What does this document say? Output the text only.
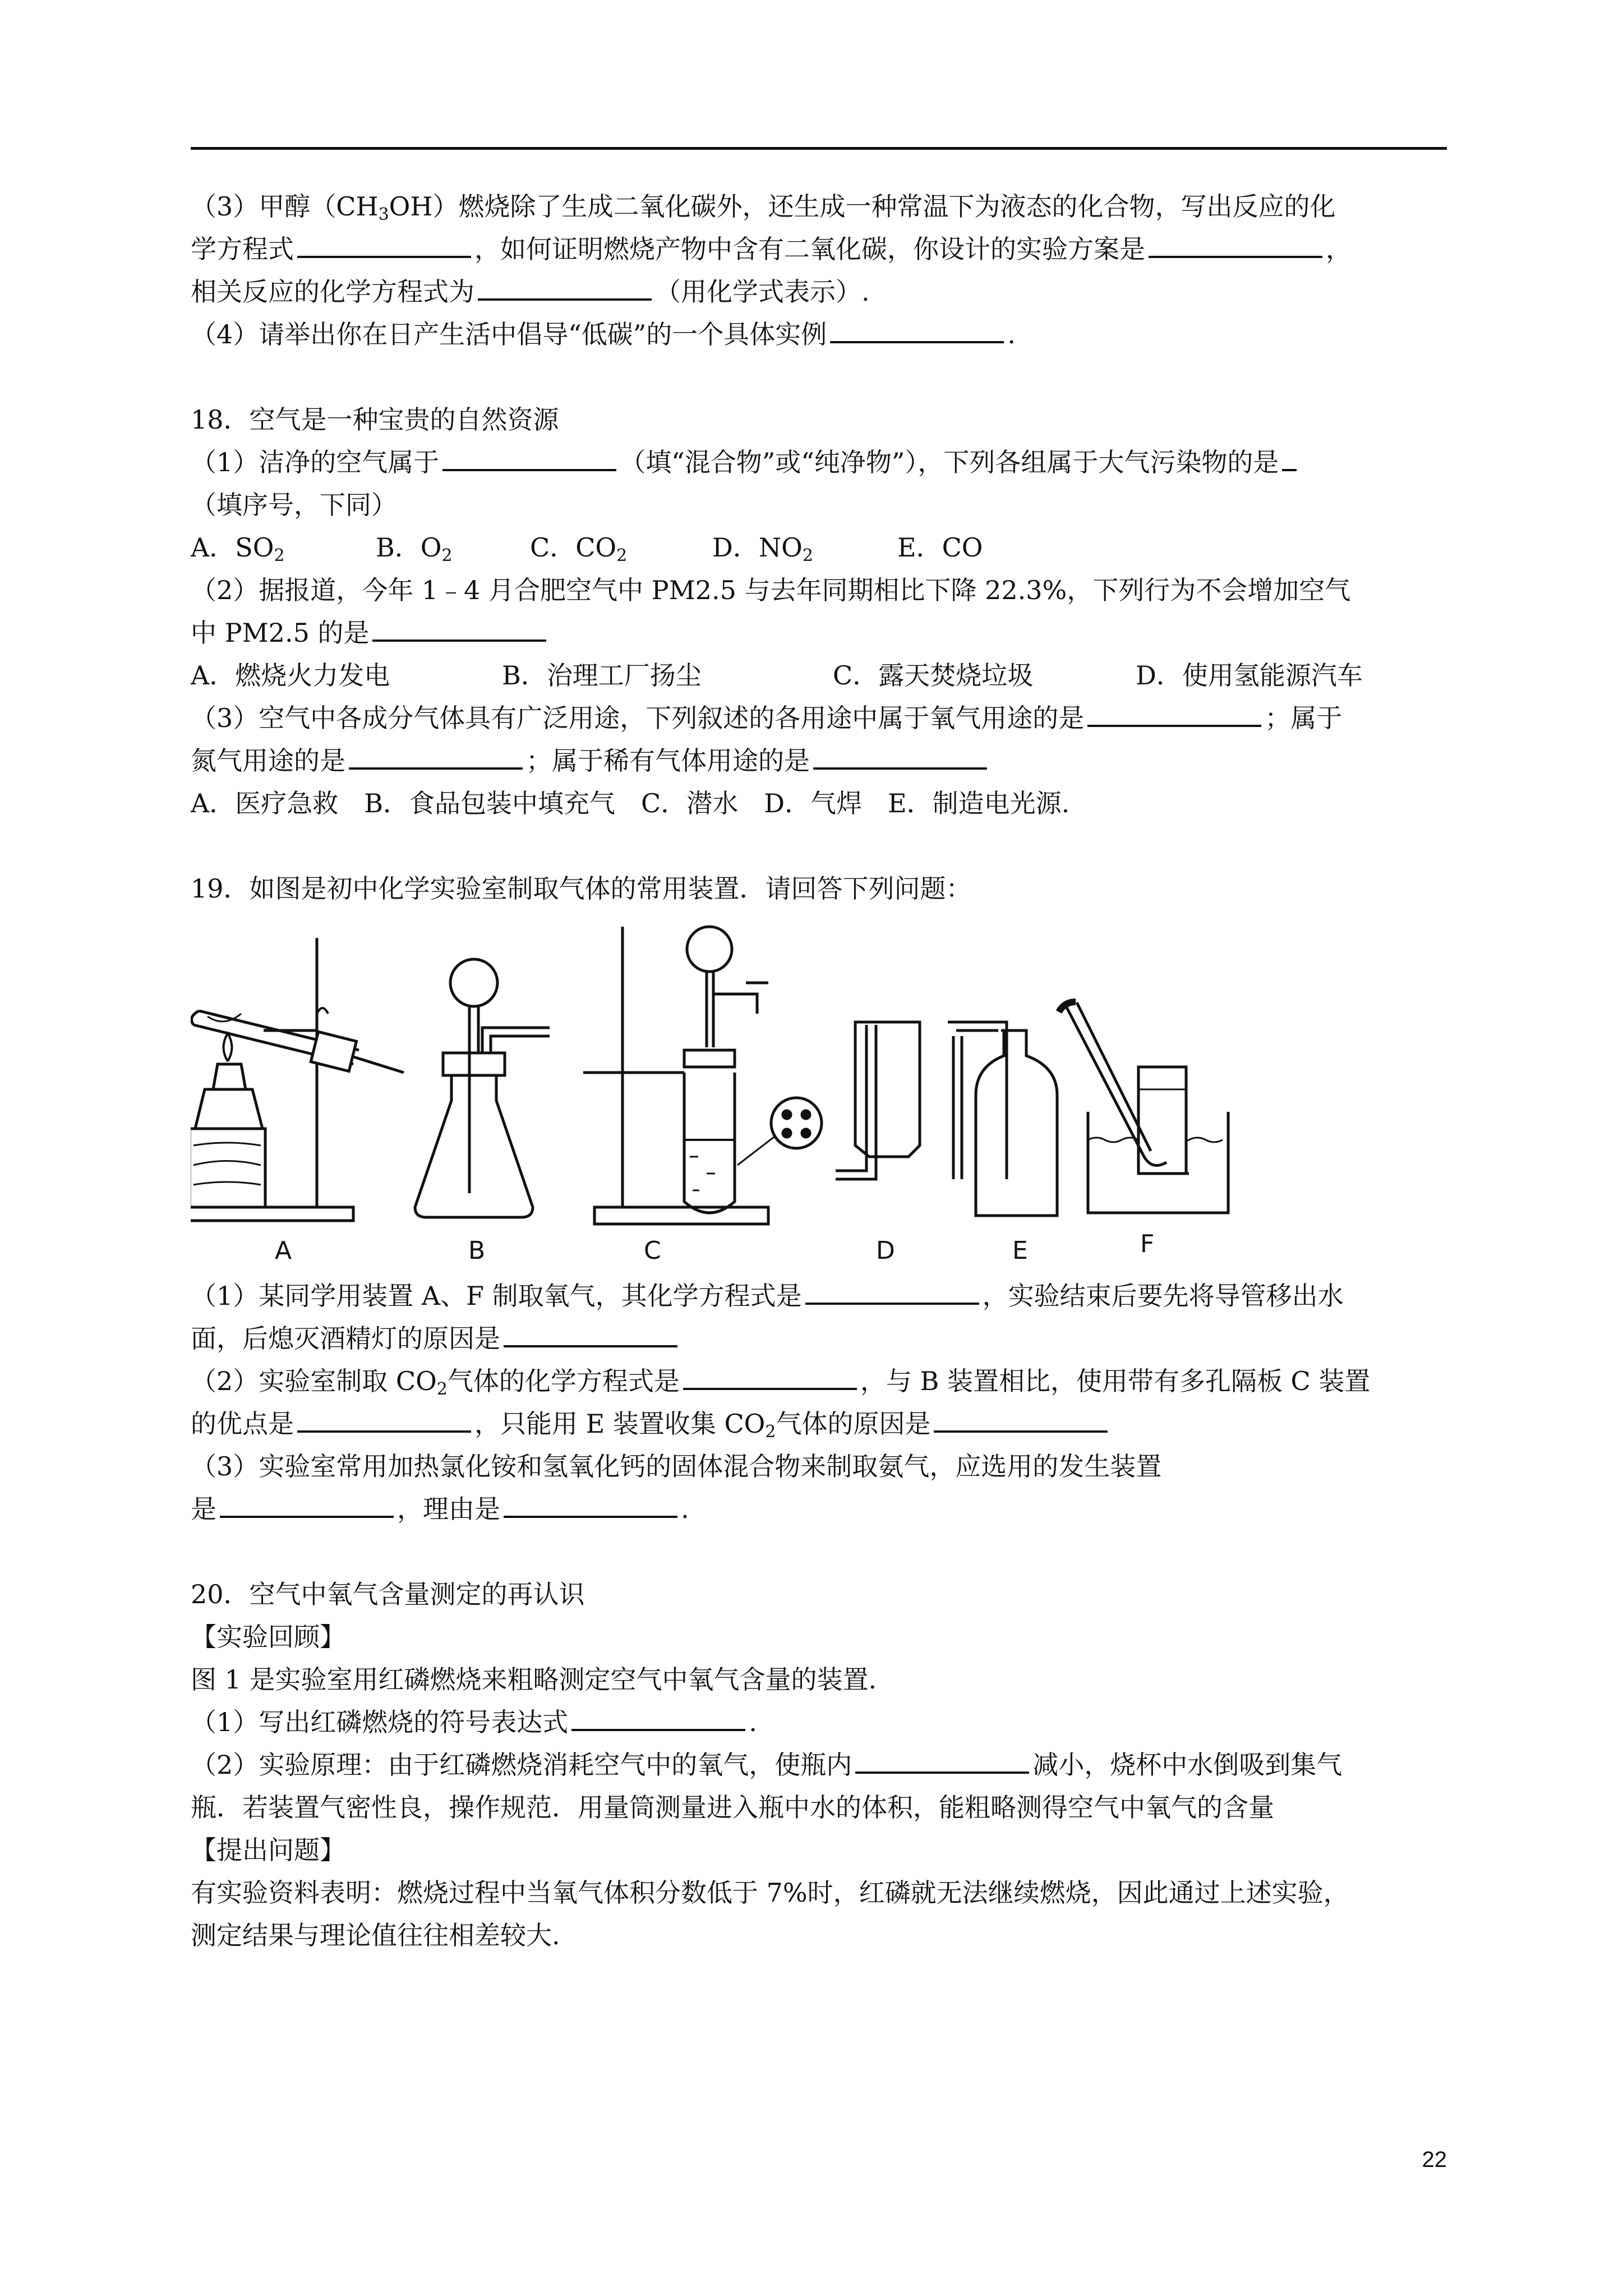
（3）甲醇$(CH_3OH)$燃烧除了生成二氧化碳外，还生成一种常温下为液态的化合物，写出反应的化
学方程式	，如何证明燃烧产物中含有二氧化碳，你设计的实验方案是	，
相关反应的化学方程式为	（用化学式表示）.
（4）请举出你在日产生活中倡导“低碳”的一个具体实例	.
18．空气是一种宝贵的自然资源
（1）洁净的空气属于	（填“混合物”或“纯净物”），下列各组属于大气污染物的是
（填序号，下同）
A．$SO_2$	B．$O_2$	C．$CO_2$	D．$NO_2$	E．CO
（2）据报道，今年 1﹣4 月合肥空气中 PM2.5 与去年同期相比下降 22.3%，下列行为不会增加空气
中 PM2.5 的是
A．燃烧火力发电	B．治理工厂扬尘	C．露天焚烧垃圾	D．使用氢能源汽车
（3）空气中各成分气体具有广泛用途，下列叙述的各用途中属于氧气用途的是	；属于
氮气用途的是	；属于稀有气体用途的是
A．医疗急救　B．食品包装中填充气　C．潜水　D．气焊　E．制造电光源.
19．如图是初中化学实验室制取气体的常用装置．请回答下列问题：
A	B	C	D	E	F
（1）某同学用装置 A、F 制取氧气，其化学方程式是	，实验结束后要先将导管移出水
面，后熄灭酒精灯的原因是
（2）实验室制取 $CO_2$气体的化学方程式是	，与 B 装置相比，使用带有多孔隔板 C 装置
的优点是	，只能用 E 装置收集 $CO_2$气体的原因是
（3）实验室常用加热氯化铵和氢氧化钙的固体混合物来制取氨气，应选用的发生装置
是	，理由是	.
20．空气中氧气含量测定的再认识
【实验回顾】
图 1 是实验室用红磷燃烧来粗略测定空气中氧气含量的装置.
（1）写出红磷燃烧的符号表达式	.
（2）实验原理：由于红磷燃烧消耗空气中的氧气，使瓶内	减小，烧杯中水倒吸到集气
瓶．若装置气密性良，操作规范．用量筒测量进入瓶中水的体积，能粗略测得空气中氧气的含量
【提出问题】
有实验资料表明：燃烧过程中当氧气体积分数低于 7%时，红磷就无法继续燃烧，因此通过上述实验，
测定结果与理论值往往相差较大.
22
